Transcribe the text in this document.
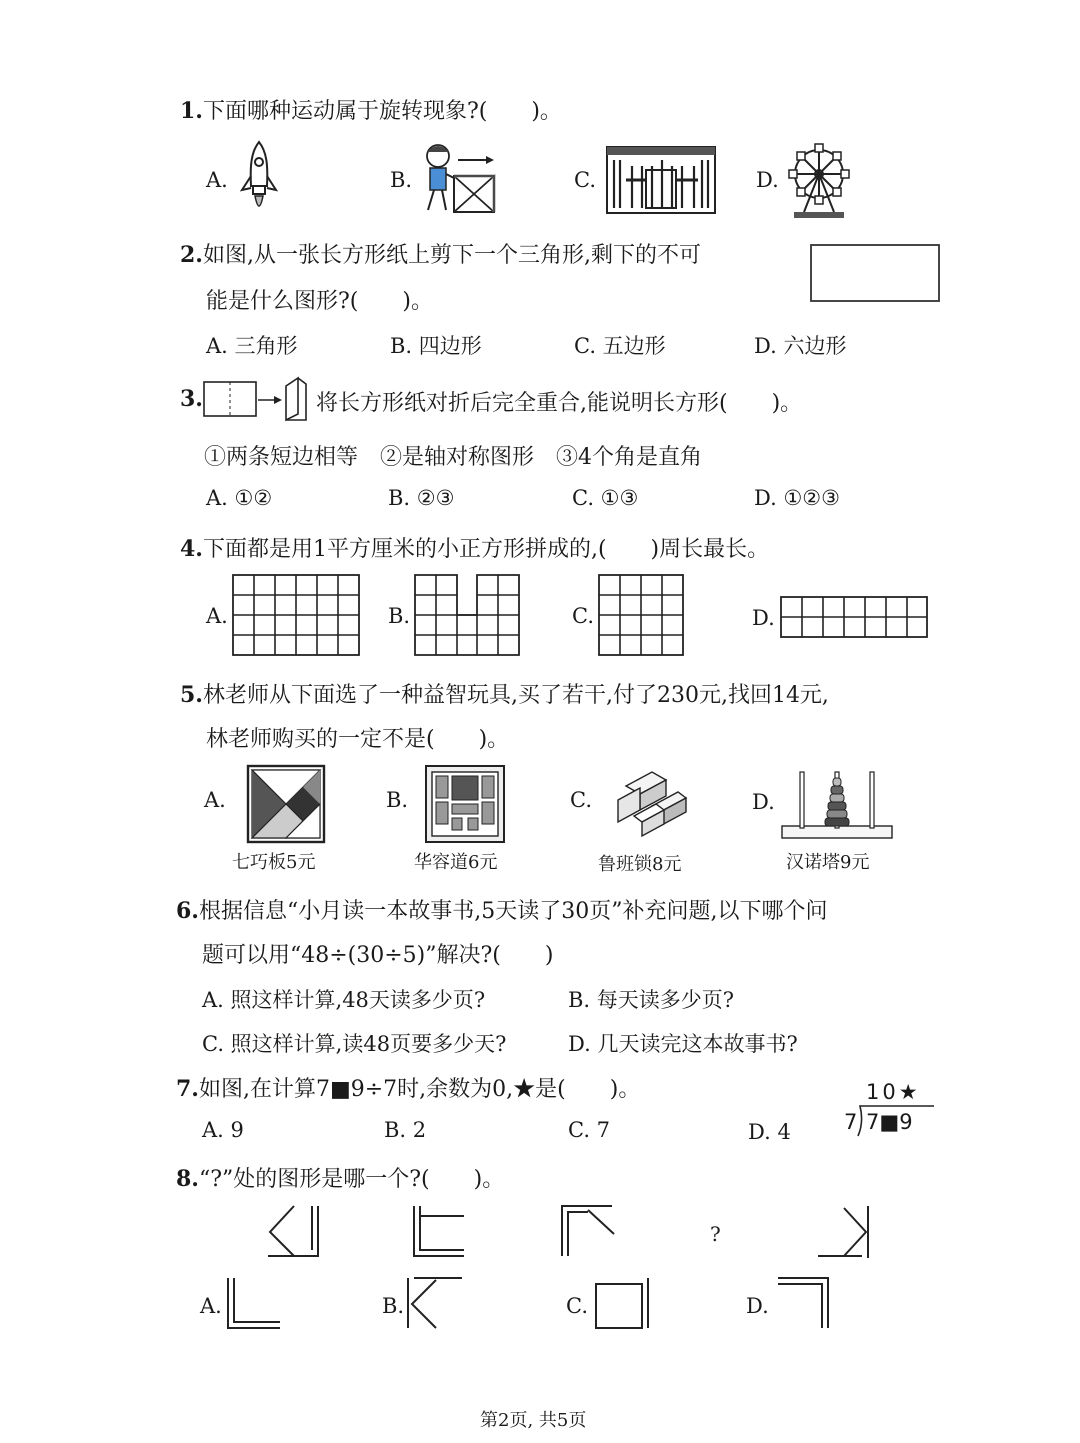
1.下面哪种运动属于旋转现象?(　　)。
A.	B.	C.	D.
2.如图,从一张长方形纸上剪下一个三角形,剩下的不可
能是什么图形?(　　)。
A. 三角形	B. 四边形	C. 五边形	D. 六边形
3.	将长方形纸对折后完全重合,能说明长方形(　　)。
①两条短边相等　②是轴对称图形　③4个角是直角
A. ①②	B. ②③	C. ①③	D. ①②③
4.下面都是用1平方厘米的小正方形拼成的,(　　)周长最长。
A.	B.	C.	D.
5.林老师从下面选了一种益智玩具,买了若干,付了230元,找回14元,
林老师购买的一定不是(　　)。
A.
七巧板5元
B.
华容道6元
C.
鲁班锁8元
D.
汉诺塔9元
6.根据信息“小月读一本故事书,5天读了30页”补充问题,以下哪个问
题可以用“48÷(30÷5)”解决?(　　)
A. 照这样计算,48天读多少页?	B. 每天读多少页?
C. 照这样计算,读48页要多少天?	D. 几天读完这本故事书?
7.如图,在计算7■9÷7时,余数为0,★是(　　)。
A. 9	B. 2	C. 7	D. 4
10★
7 7■9
8.“?”处的图形是哪一个?(　　)。
?
A.	B.	C.	D.
第2页, 共5页
